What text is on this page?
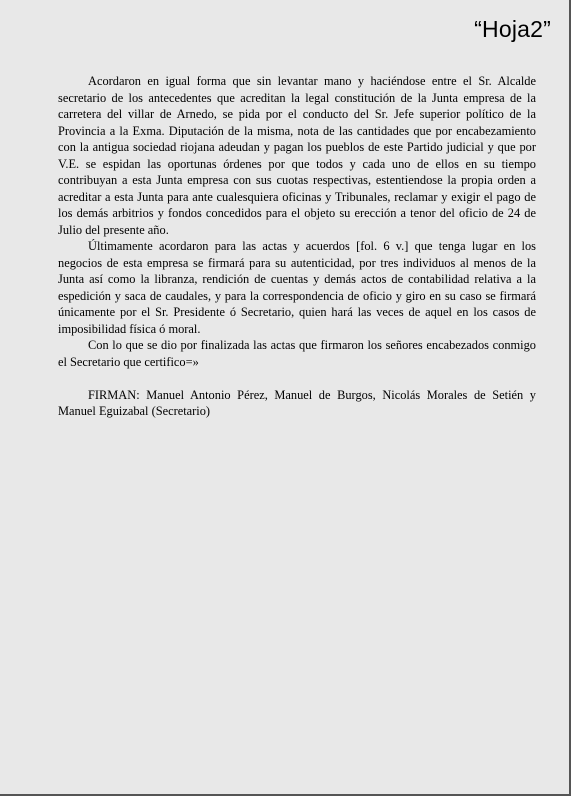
“Hoja2”

Acordaron en igual forma que sin levantar mano y haciéndose entre el Sr. Alcalde secretario de los antecedentes que acreditan la legal constitución de la Junta empresa de la carretera del villar de Arnedo, se pida por el conducto del Sr. Jefe superior político de la Provincia a la Exma. Diputación de la misma, nota de las cantidades que por encabezamiento con la antigua sociedad riojana adeudan y pagan los pueblos de este Partido judicial y que por V.E. se espidan las oportunas órdenes por que todos y cada uno de ellos en su tiempo contribuyan a esta Junta empresa con sus cuotas respectivas, estentiendose la propia orden a acreditar a esta Junta para ante cualesquiera oficinas y Tribunales, reclamar y exigir el pago de los demás arbitrios y fondos concedidos para el objeto su erección a tenor del oficio de 24 de Julio del presente año.

Últimamente acordaron para las actas y acuerdos [fol. 6 v.] que tenga lugar en los negocios de esta empresa se firmará para su autenticidad, por tres individuos al menos de la Junta así como la libranza, rendición de cuentas y demás actos de contabilidad relativa a la espedición y saca de caudales, y para la correspondencia de oficio y giro en su caso se firmará únicamente por el Sr. Presidente ó Secretario, quien hará las veces de aquel en los casos de imposibilidad física ó moral.

Con lo que se dio por finalizada las actas que firmaron los señores encabezados conmigo el Secretario que certifico=»

FIRMAN: Manuel Antonio Pérez, Manuel de Burgos, Nicolás Morales de Setién y Manuel Eguizabal (Secretario)
